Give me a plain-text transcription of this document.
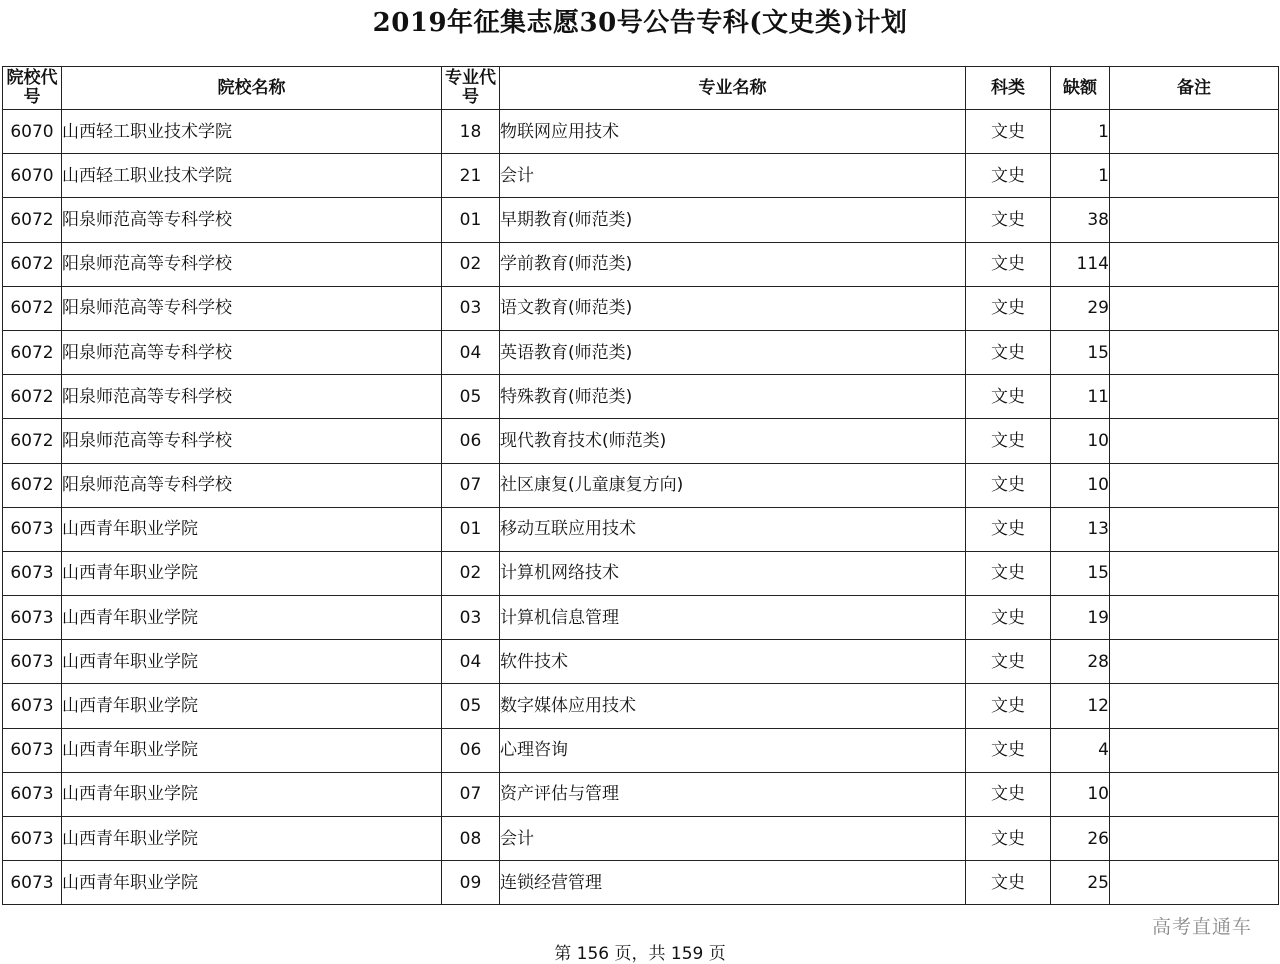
2019年征集志愿30号公告专科(文史类)计划
院校代号	院校名称	专业代号	专业名称	科类	缺额	备注
6070	山西轻工职业技术学院	18	物联网应用技术	文史	1	
6070	山西轻工职业技术学院	21	会计	文史	1	
6072	阳泉师范高等专科学校	01	早期教育(师范类)	文史	38	
6072	阳泉师范高等专科学校	02	学前教育(师范类)	文史	114	
6072	阳泉师范高等专科学校	03	语文教育(师范类)	文史	29	
6072	阳泉师范高等专科学校	04	英语教育(师范类)	文史	15	
6072	阳泉师范高等专科学校	05	特殊教育(师范类)	文史	11	
6072	阳泉师范高等专科学校	06	现代教育技术(师范类)	文史	10	
6072	阳泉师范高等专科学校	07	社区康复(儿童康复方向)	文史	10	
6073	山西青年职业学院	01	移动互联应用技术	文史	13	
6073	山西青年职业学院	02	计算机网络技术	文史	15	
6073	山西青年职业学院	03	计算机信息管理	文史	19	
6073	山西青年职业学院	04	软件技术	文史	28	
6073	山西青年职业学院	05	数字媒体应用技术	文史	12	
6073	山西青年职业学院	06	心理咨询	文史	4	
6073	山西青年职业学院	07	资产评估与管理	文史	10	
6073	山西青年职业学院	08	会计	文史	26	
6073	山西青年职业学院	09	连锁经营管理	文史	25	
高考直通车
第 156 页，共 159 页
